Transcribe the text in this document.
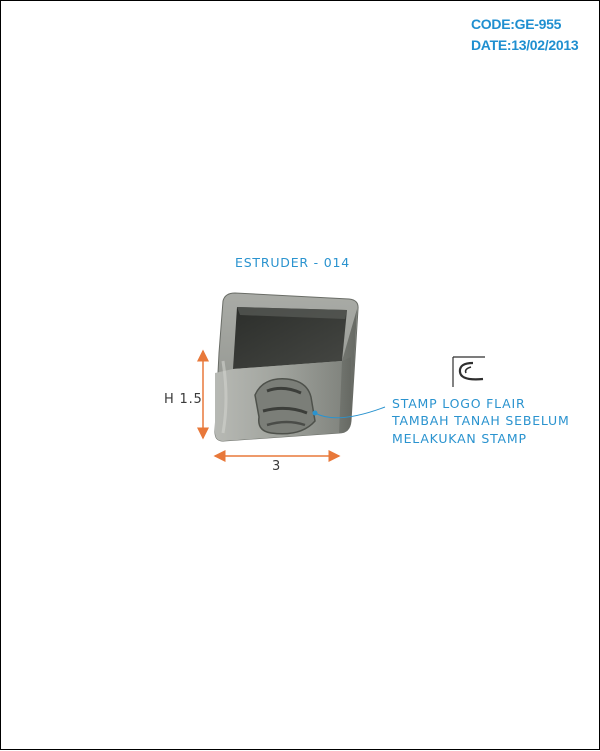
CODE:GE-955
DATE:13/02/2013
ESTRUDER - 014
H 1.5
3
STAMP LOGO FLAIR
TAMBAH TANAH SEBELUM
MELAKUKAN STAMP
